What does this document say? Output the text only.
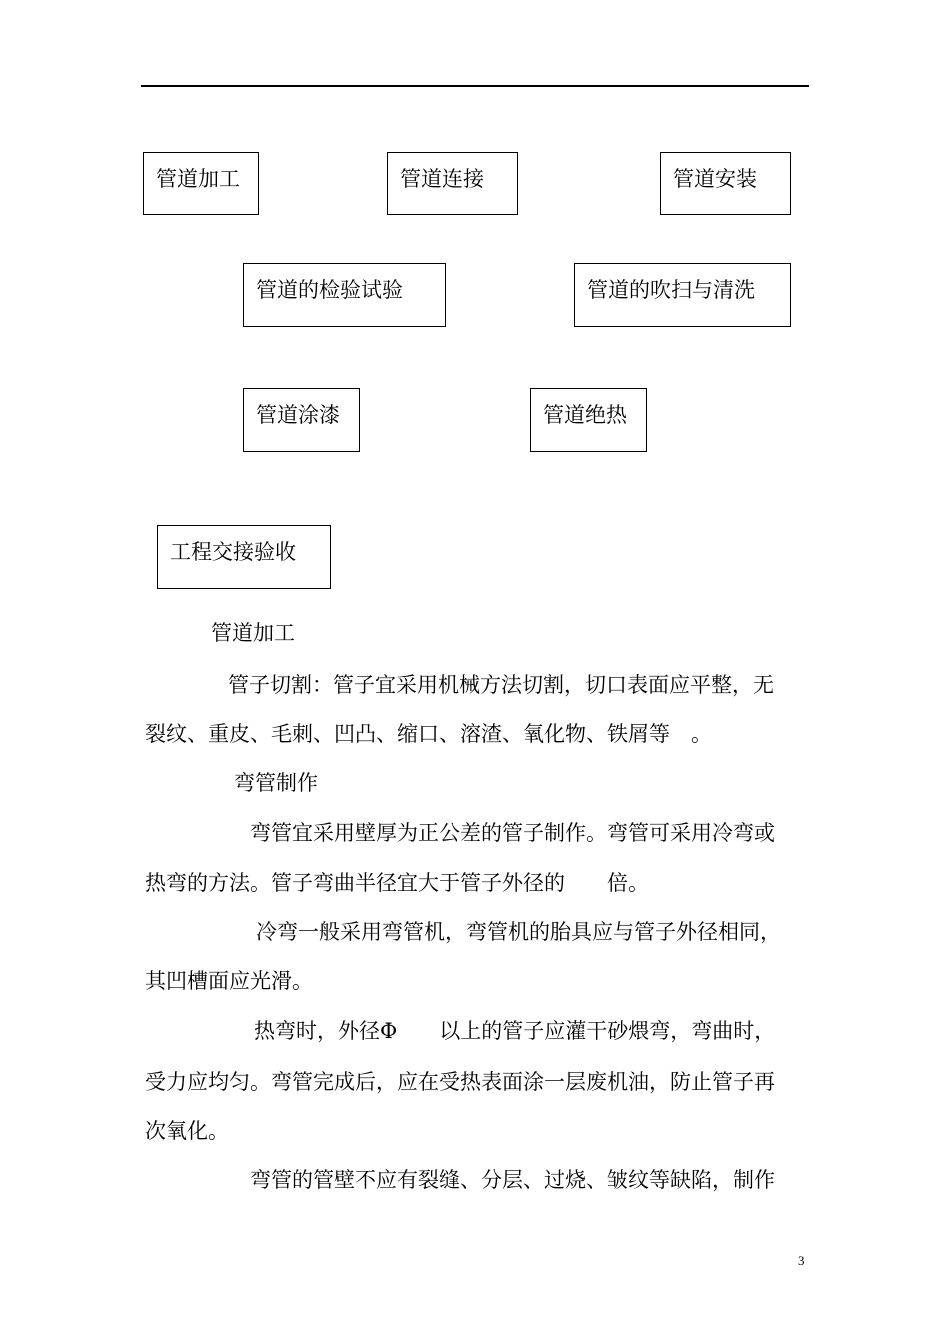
管道加工	管道连接	管道安装
管道的检验试验	管道的吹扫与清洗
管道涂漆	管道绝热
工程交接验收
管道加工
管子切割：管子宜采用机械方法切割，切口表面应平整，无
裂纹、重皮、毛刺、凹凸、缩口、溶渣、氧化物、铁屑等　。
弯管制作
弯管宜采用壁厚为正公差的管子制作。弯管可采用冷弯或
热弯的方法。管子弯曲半径宜大于管子外径的　　倍。
冷弯一般采用弯管机，弯管机的胎具应与管子外径相同，
其凹槽面应光滑。
热弯时，外径Φ　　以上的管子应灌干砂煨弯，弯曲时，
受力应均匀。弯管完成后，应在受热表面涂一层废机油，防止管子再
次氧化。
弯管的管壁不应有裂缝、分层、过烧、皱纹等缺陷，制作
3
